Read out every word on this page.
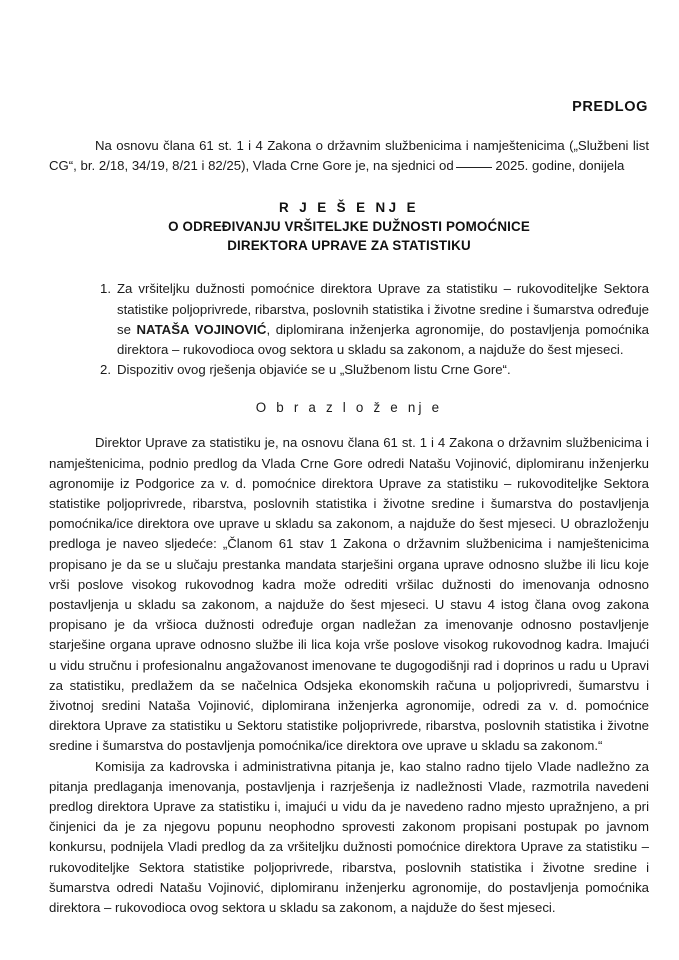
PREDLOG

Na osnovu člana 61 st. 1 i 4 Zakona o državnim službenicima i namještenicima („Službeni list CG“, br. 2/18, 34/19, 8/21 i 82/25), Vlada Crne Gore je, na sjednici od	2025. godine, donijela

R J E Š E NJ E
O ODREĐIVANJU VRŠITELJKE DUŽNOSTI POMOĆNICE
DIREKTORA UPRAVE ZA STATISTIKU
1. Za vršiteljku dužnosti pomoćnice direktora Uprave za statistiku – rukovoditeljke Sektora statistike poljoprivrede, ribarstva, poslovnih statistika i životne sredine i šumarstva određuje se NATAŠA VOJINOVIĆ, diplomirana inženjerka agronomije, do postavljenja pomoćnika direktora – rukovodioca ovog sektora u skladu sa zakonom, a najduže do šest mjeseci.
2. Dispozitiv ovog rješenja objaviće se u „Službenom listu Crne Gore“.
O b r a z l o ž e nj e

Direktor Uprave za statistiku je, na osnovu člana 61 st. 1 i 4 Zakona o državnim službenicima i namještenicima, podnio predlog da Vlada Crne Gore odredi Natašu Vojinović, diplomiranu inženjerku agronomije iz Podgorice za v. d. pomoćnice direktora Uprave za statistiku – rukovoditeljke Sektora statistike poljoprivrede, ribarstva, poslovnih statistika i životne sredine i šumarstva do postavljenja pomoćnika/ice direktora ove uprave u skladu sa zakonom, a najduže do šest mjeseci. U obrazloženju predloga je naveo sljedeće: „Članom 61 stav 1 Zakona o državnim službenicima i namještenicima propisano je da se u slučaju prestanka mandata starješini organa uprave odnosno službe ili licu koje vrši poslove visokog rukovodnog kadra može odrediti vršilac dužnosti do imenovanja odnosno postavljenja u skladu sa zakonom, a najduže do šest mjeseci. U stavu 4 istog člana ovog zakona propisano je da vršioca dužnosti određuje organ nadležan za imenovanje odnosno postavljenje starješine organa uprave odnosno službe ili lica koja vrše poslove visokog rukovodnog kadra. Imajući u vidu stručnu i profesionalnu angažovanost imenovane te dugogodišnji rad i doprinos u radu u Upravi za statistiku, predlažem da se načelnica Odsjeka ekonomskih računa u poljoprivredi, šumarstvu i životnoj sredini Nataša Vojinović, diplomirana inženjerka agronomije, odredi za v. d. pomoćnice direktora Uprave za statistiku u Sektoru statistike poljoprivrede, ribarstva, poslovnih statistika i životne sredine i šumarstva do postavljenja pomoćnika/ice direktora ove uprave u skladu sa zakonom.“

Komisija za kadrovska i administrativna pitanja je, kao stalno radno tijelo Vlade nadležno za pitanja predlaganja imenovanja, postavljenja i razrješenja iz nadležnosti Vlade, razmotrila navedeni predlog direktora Uprave za statistiku i, imajući u vidu da je navedeno radno mjesto upražnjeno, a pri činjenici da je za njegovu popunu neophodno sprovesti zakonom propisani postupak po javnom konkursu, podnijela Vladi predlog da za vršiteljku dužnosti pomoćnice direktora Uprave za statistiku – rukovoditeljke Sektora statistike poljoprivrede, ribarstva, poslovnih statistika i životne sredine i šumarstva odredi Natašu Vojinović, diplomiranu inženjerku agronomije, do postavljenja pomoćnika direktora – rukovodioca ovog sektora u skladu sa zakonom, a najduže do šest mjeseci.
